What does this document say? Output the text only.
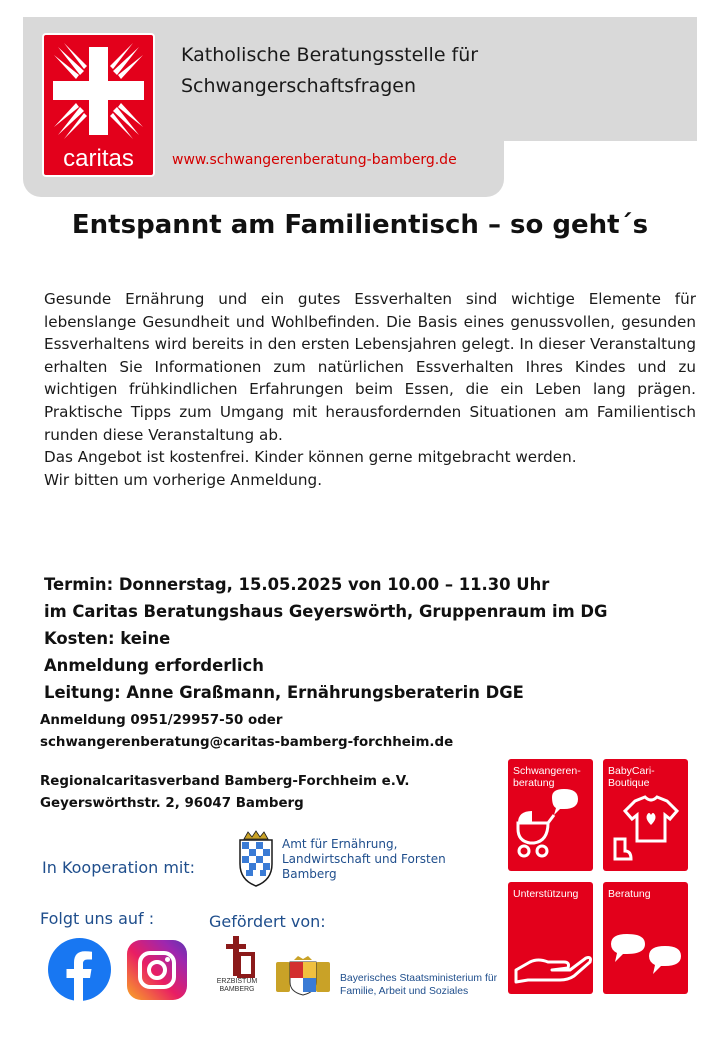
caritas
Katholische Beratungsstelle für
Schwangerschaftsfragen
www.schwangerenberatung-bamberg.de
Entspannt am Familientisch – so geht´s

Gesunde Ernährung und ein gutes Essverhalten sind wichtige Elemente für lebenslange Gesundheit und Wohlbefinden. Die Basis eines genussvollen, gesunden Essverhaltens wird bereits in den ersten Lebensjahren gelegt. In dieser Veranstaltung erhalten Sie Informationen zum natürlichen Essverhalten Ihres Kindes und zu wichtigen frühkindlichen Erfahrungen beim Essen, die ein Leben lang prägen. Praktische Tipps zum Umgang mit herausfordernden Situationen am Familientisch runden diese Veranstaltung ab.

Das Angebot ist kostenfrei. Kinder können gerne mitgebracht werden.
Wir bitten um vorherige Anmeldung.
Termin: Donnerstag, 15.05.2025 von 10.00 – 11.30 Uhr
im Caritas Beratungshaus Geyerswörth, Gruppenraum im DG
Kosten: keine
Anmeldung erforderlich
Leitung: Anne Graßmann, Ernährungsberaterin DGE
Anmeldung 0951/29957-50 oder
schwangerenberatung@caritas-bamberg-forchheim.de
Regionalcaritasverband Bamberg-Forchheim e.V.
Geyerswörthstr. 2, 96047 Bamberg
In Kooperation mit:
Amt für Ernährung,
Landwirtschaft und Forsten
Bamberg
Folgt uns auf :	Gefördert von:
ERZBISTUM
BAMBERG
Bayerisches Staatsministerium für
Familie, Arbeit und Soziales
Schwangeren-
beratung
BabyCari-
Boutique
Unterstützung	Beratung
